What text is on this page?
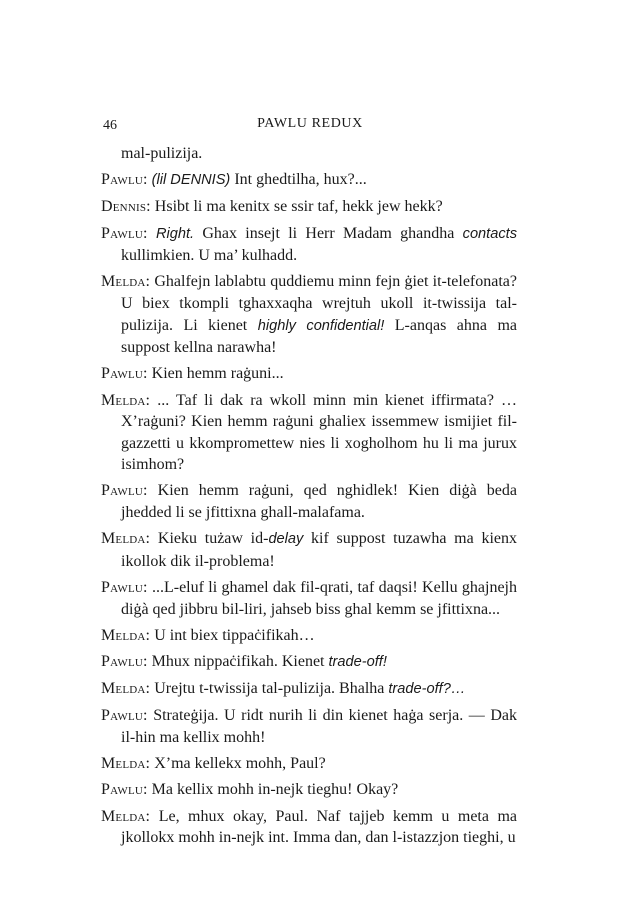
46	PAWLU REDUX

mal-pulizija.

Pawlu: (lil DENNIS) Int ghedtilha, hux?...

Dennis: Hsibt li ma kenitx se ssir taf, hekk jew hekk?

Pawlu: Right. Ghax insejt li Herr Madam ghandha contacts kullimkien. U ma’ kulhadd.

Melda: Ghalfejn lablabtu quddiemu minn fejn ġiet it-telefonata? U biex tkompli tghaxxaqha wrejtuh ukoll it-twissija tal-pulizija. Li kienet highly confidential! L-anqas ahna ma suppost kellna narawha!

Pawlu: Kien hemm raġuni...

Melda: ... Taf li dak ra wkoll minn min kienet iffirmata? …X’raġuni? Kien hemm raġuni ghaliex issemmew ismijiet fil-gazzetti u kkompromettew nies li xogholhom hu li ma jurux isimhom?

Pawlu: Kien hemm raġuni, qed nghidlek! Kien diġà beda jhedded li se jfittixna ghall-malafama.

Melda: Kieku tużaw id-delay kif suppost tuzawha ma kienx ikollok dik il-problema!

Pawlu: ...L-eluf li ghamel dak fil-qrati, taf daqsi! Kellu ghajnejh diġà qed jibbru bil-liri, jahseb biss ghal kemm se jfittixna...

Melda: U int biex tippaċifikah…

Pawlu: Mhux nippaċifikah. Kienet trade-off!

Melda: Urejtu t-twissija tal-pulizija. Bhalha trade-off?…

Pawlu: Strateġija. U ridt nurih li din kienet haġa serja. — Dak il-hin ma kellix mohh!

Melda: X’ma kellekx mohh, Paul?

Pawlu: Ma kellix mohh in-nejk tieghu! Okay?

Melda: Le, mhux okay, Paul. Naf tajjeb kemm u meta ma jkollokx mohh in-nejk int. Imma dan, dan l-istazzjon tieghi, u
